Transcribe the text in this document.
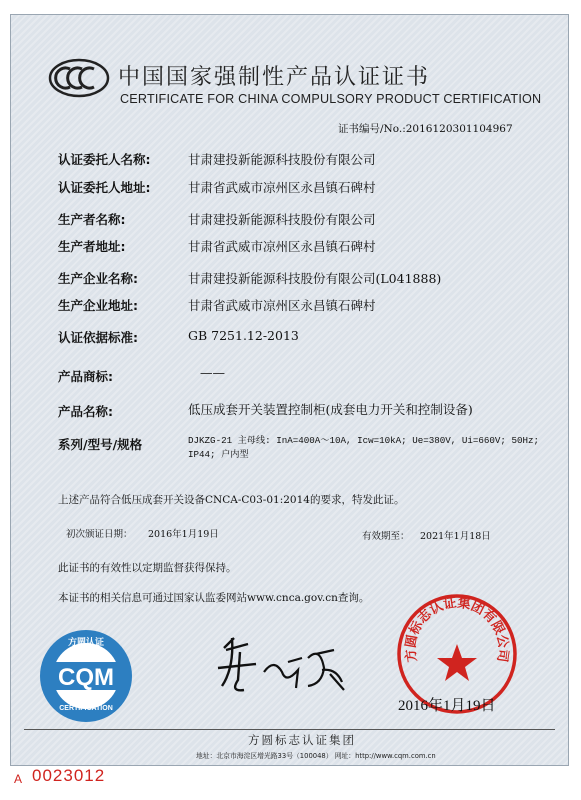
中国国家强制性产品认证证书
CERTIFICATE FOR CHINA COMPULSORY PRODUCT CERTIFICATION
证书编号/No.:2016120301104967
认证委托人名称:	甘肃建投新能源科技股份有限公司
认证委托人地址:	甘肃省武威市凉州区永昌镇石碑村
生产者名称:	甘肃建投新能源科技股份有限公司
生产者地址:	甘肃省武威市凉州区永昌镇石碑村
生产企业名称:	甘肃建投新能源科技股份有限公司(L041888)
生产企业地址:	甘肃省武威市凉州区永昌镇石碑村
认证依据标准:	GB 7251.12-2013
产品商标:	——
产品名称:	低压成套开关装置控制柜(成套电力开关和控制设备)
系列/型号/规格	DJKZG-21 主母线: InA=400A～10A, Icw=10kA; Ue=380V, Ui=660V; 50Hz; IP44; 户内型
上述产品符合低压成套开关设备CNCA-C03-01:2014的要求，特发此证。
初次颁证日期： 2016年1月19日	有效期至： 2021年1月18日
此证书的有效性以定期监督获得保持。
本证书的相关信息可通过国家认监委网站www.cnca.gov.cn查询。
方圆认证
CQM
CERTIFICATION
方圆标志认证集团有限公司
2016年1月19日
方圆标志认证集团
地址：北京市海淀区增光路33号（100048） 网址：http://www.cqm.com.cn
A 0023012
